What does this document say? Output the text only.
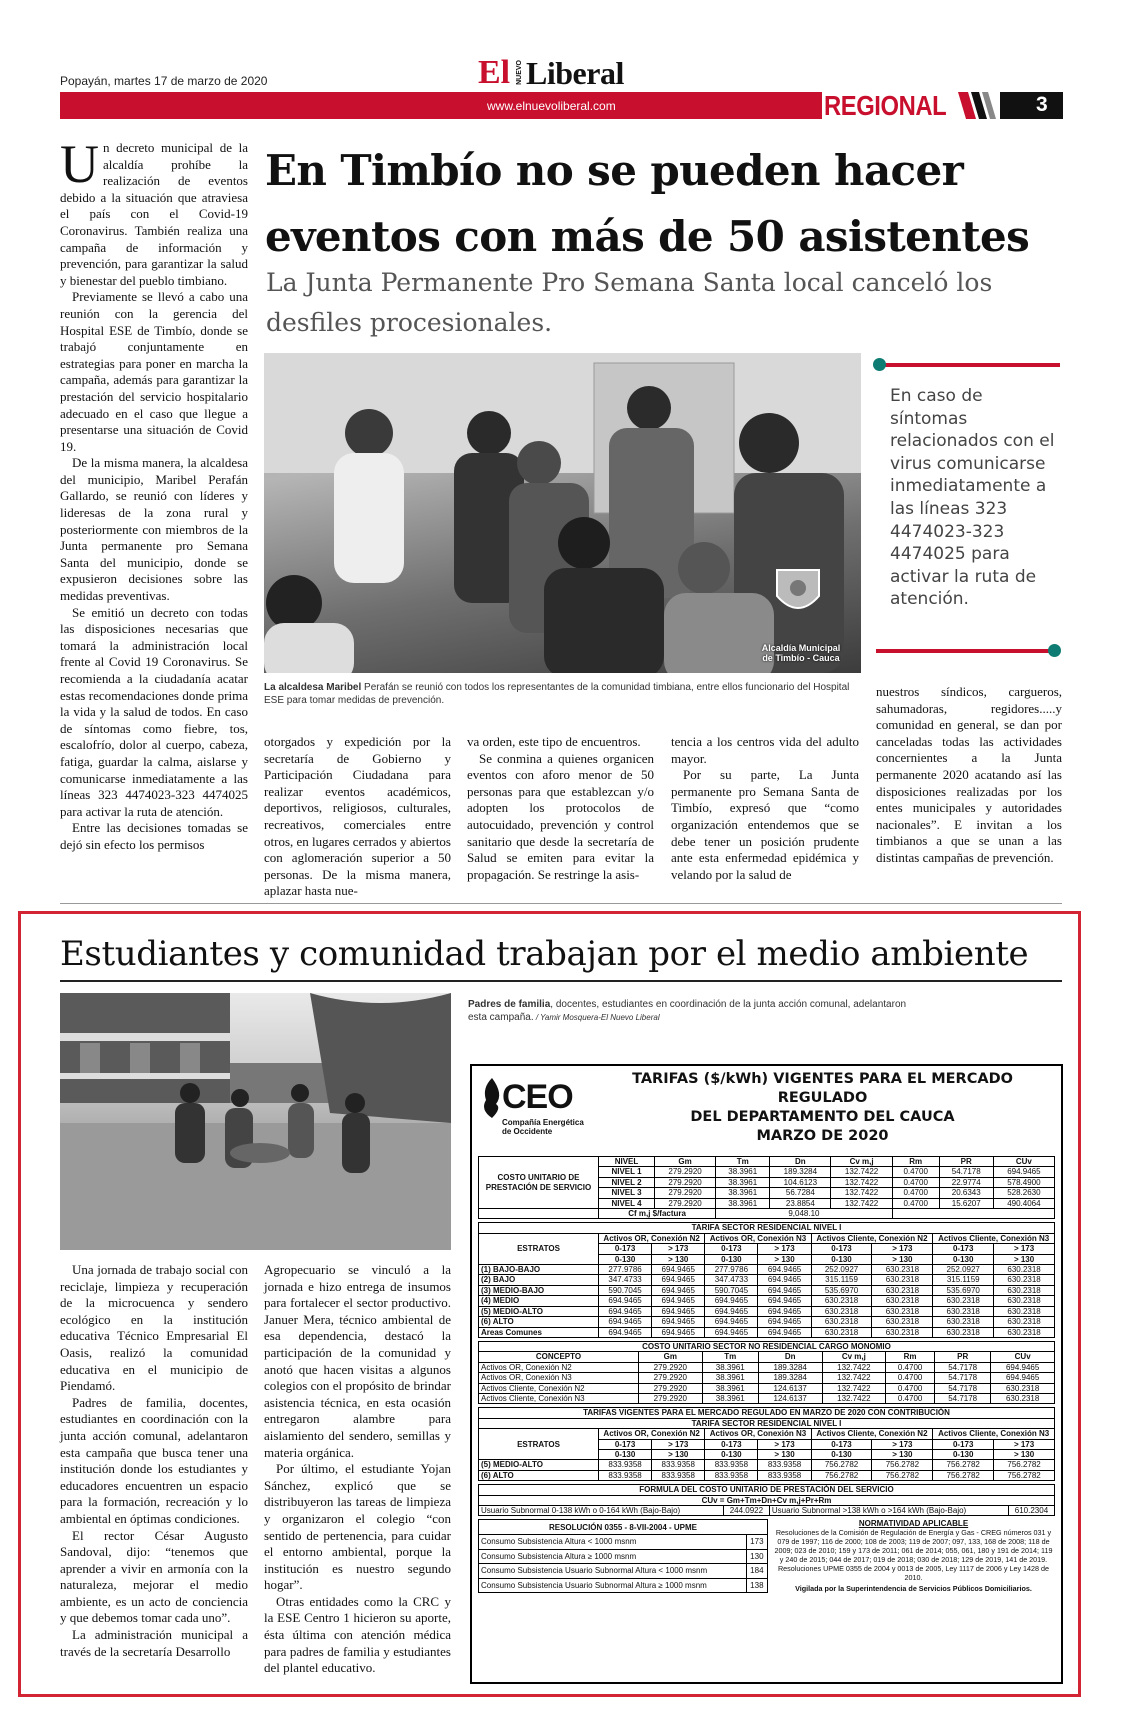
Popayán, martes 17 de marzo de 2020	El NUEVO Liberal
www.elnuevoliberal.com	REGIONAL	3
U n decreto municipal de la alcaldía prohíbe la realización de eventos debido a la situación que atraviesa el país con el Covid-19 Coronavirus. También realiza una campaña de información y prevención, para garantizar la salud y bienestar del pueblo timbiano.

Previamente se llevó a cabo una reunión con la gerencia del Hospital ESE de Timbío, donde se trabajó conjuntamente en estrategias para poner en marcha la campaña, además para garantizar la prestación del servicio hospitalario adecuado en el caso que llegue a presentarse una situación de Covid 19.

De la misma manera, la alcaldesa del municipio, Maribel Perafán Gallardo, se reunió con líderes y lideresas de la zona rural y posteriormente con miembros de la Junta permanente pro Semana Santa del municipio, donde se expusieron decisiones sobre las medidas preventivas.

Se emitió un decreto con todas las disposiciones necesarias que tomará la administración local frente al Covid 19 Coronavirus. Se recomienda a la ciudadanía acatar estas recomendaciones donde prima la vida y la salud de todos. En caso de síntomas como fiebre, tos, escalofrío, dolor al cuerpo, cabeza, fatiga, guardar la calma, aislarse y comunicarse inmediatamente a las líneas 323 4474023-323 4474025 para activar la ruta de atención.

Entre las decisiones tomadas se dejó sin efecto los permisos

En Timbío no se pueden hacer
eventos con más de 50 asistentes
La Junta Permanente Pro Semana Santa local canceló los desfiles procesionales.
Alcaldía Municipal de Timbío - Cauca
La alcaldesa Maribel Perafán se reunió con todos los representantes de la comunidad timbiana, entre ellos funcionario del Hospital ESE para tomar medidas de prevención.
En caso de síntomas relacionados con el virus comunicarse inmediatamente a las líneas 323 4474023-323 4474025 para activar la ruta de atención.

otorgados y expedición por la secretaría de Gobierno y Participación Ciudadana para realizar eventos académicos, deportivos, religiosos, culturales, recreativos, comerciales entre otros, en lugares cerrados y abiertos con aglomeración superior a 50 personas. De la misma manera, aplazar hasta nue-

va orden, este tipo de encuentros.

Se conmina a quienes organicen eventos con aforo menor de 50 personas para que establezcan y/o adopten los protocolos de autocuidado, prevención y control sanitario que desde la secretaría de Salud se emiten para evitar la propagación. Se restringe la asis-

tencia a los centros vida del adulto mayor.

Por su parte, La Junta permanente pro Semana Santa de Timbío, expresó que “como organización entendemos que se debe tener un posición prudente ante esta enfermedad epidémica y velando por la salud de

nuestros síndicos, cargueros, sahumadoras, regidores.....y comunidad en general, se dan por canceladas todas las actividades concernientes a la Junta permanente 2020 acatando así las disposiciones realizadas por los entes municipales y autoridades nacionales”. E invitan a los timbianos a que se unan a las distintas campañas de prevención.

Estudiantes y comunidad trabajan por el medio ambiente
Padres de familia, docentes, estudiantes en coordinación de la junta acción comunal, adelantaron esta campaña. / Yamir Mosquera-El Nuevo Liberal

Una jornada de trabajo social con reciclaje, limpieza y recuperación de la microcuenca y sendero ecológico en la institución educativa Técnico Empresarial El Oasis, realizó la comunidad educativa en el municipio de Piendamó.

Padres de familia, docentes, estudiantes en coordinación con la junta acción comunal, adelantaron esta campaña que busca tener una institución donde los estudiantes y educadores encuentren un espacio para la formación, recreación y lo ambiental en óptimas condiciones.

El rector César Augusto Sandoval, dijo: “tenemos que aprender a vivir en armonía con la naturaleza, mejorar el medio ambiente, es un acto de conciencia y que debemos tomar cada uno”.

La administración municipal a través de la secretaría Desarrollo

Agropecuario se vinculó a la jornada e hizo entrega de insumos para fortalecer el sector productivo. Januer Mera, técnico ambiental de esa dependencia, destacó la participación de la comunidad y anotó que hacen visitas a algunos colegios con el propósito de brindar asistencia técnica, en esta ocasión entregaron alambre para aislamiento del sendero, semillas y materia orgánica.

Por último, el estudiante Yojan Sánchez, explicó que se distribuyeron las tareas de limpieza y organizaron el colegio “con sentido de pertenencia, para cuidar el entorno ambiental, porque la institución es nuestro segundo hogar”.

Otras entidades como la CRC y la ESE Centro 1 hicieron su aporte, ésta última con atención médica para padres de familia y estudiantes del plantel educativo.

CEO
Compañía Energética de Occidente
TARIFAS ($/kWh) VIGENTES PARA EL MERCADO REGULADO
DEL DEPARTAMENTO DEL CAUCA
MARZO DE 2020
COSTO UNITARIO DE PRESTACIÓN DE SERVICIO	NIVEL	Gm	Tm	Dn	Cv m,j	Rm	PR	CUv
	NIVEL 1	279.2920	38.3961	189.3284	132.7422	0.4700	54.7178	694.9465
	NIVEL 2	279.2920	38.3961	104.6123	132.7422	0.4700	22.9774	578.4900
	NIVEL 3	279.2920	38.3961	56.7284	132.7422	0.4700	20.6343	528.2630
	NIVEL 4	279.2920	38.3961	23.8854	132.7422	0.4700	15.6207	490.4064
	Cf m,j $/factura		9,048.10					
TARIFA SECTOR RESIDENCIAL NIVEL I								
ESTRATOS	Activos OR, Conexión N2		Activos OR, Conexión N3		Activos Cliente, Conexión N2		Activos Cliente, Conexión N3	
	0-173	> 173	0-173	> 173	0-173	> 173	0-173	> 173
	0-130	> 130	0-130	> 130	0-130	> 130	0-130	> 130
(1) BAJO-BAJO	277.9786	694.9465	277.9786	694.9465	252.0927	630.2318	252.0927	630.2318
(2) BAJO	347.4733	694.9465	347.4733	694.9465	315.1159	630.2318	315.1159	630.2318
(3) MEDIO-BAJO	590.7045	694.9465	590.7045	694.9465	535.6970	630.2318	535.6970	630.2318
(4) MEDIO	694.9465	694.9465	694.9465	694.9465	630.2318	630.2318	630.2318	630.2318
(5) MEDIO-ALTO	694.9465	694.9465	694.9465	694.9465	630.2318	630.2318	630.2318	630.2318
(6) ALTO	694.9465	694.9465	694.9465	694.9465	630.2318	630.2318	630.2318	630.2318
Areas Comunes	694.9465	694.9465	694.9465	694.9465	630.2318	630.2318	630.2318	630.2318
COSTO UNITARIO SECTOR NO RESIDENCIAL CARGO MONOMIO							
CONCEPTO	Gm	Tm	Dn	Cv m,j	Rm	PR	CUv
Activos OR, Conexión N2	279.2920	38.3961	189.3284	132.7422	0.4700	54.7178	694.9465
Activos OR, Conexión N3	279.2920	38.3961	189.3284	132.7422	0.4700	54.7178	694.9465
Activos Cliente, Conexión N2	279.2920	38.3961	124.6137	132.7422	0.4700	54.7178	630.2318
Activos Cliente, Conexión N3	279.2920	38.3961	124.6137	132.7422	0.4700	54.7178	630.2318
TARIFAS VIGENTES PARA EL MERCADO REGULADO EN MARZO DE 2020 CON CONTRIBUCIÓN								
TARIFA SECTOR RESIDENCIAL NIVEL I								
ESTRATOS	Activos OR, Conexión N2		Activos OR, Conexión N3		Activos Cliente, Conexión N2		Activos Cliente, Conexión N3	
	0-173	> 173	0-173	> 173	0-173	> 173	0-173	> 173
	0-130	> 130	0-130	> 130	0-130	> 130	0-130	> 130
(5) MEDIO-ALTO	833.9358	833.9358	833.9358	833.9358	756.2782	756.2782	756.2782	756.2782
(6) ALTO	833.9358	833.9358	833.9358	833.9358	756.2782	756.2782	756.2782	756.2782
FORMULA DEL COSTO UNITARIO DE PRESTACIÓN DEL SERVICIO
CUv = Gm+Tm+Dn+Cv m,j+Pr+Rm
Usuario Subnormal 0-138 kWh o 0-164 kWh (Bajo-Bajo)	244.0922	Usuario Subnormal >138 kWh o >164 kWh (Bajo-Bajo)	610.2304
RESOLUCIÓN 0355 - 8-VII-2004 - UPME	
Consumo Subsistencia Altura < 1000 msnm	173
Consumo Subsistencia Altura ≥ 1000 msnm	130
Consumo Subsistencia Usuario Subnormal Altura < 1000 msnm	184
Consumo Subsistencia Usuario Subnormal Altura ≥ 1000 msnm	138
NORMATIVIDAD APLICABLE
Resoluciones de la Comisión de Regulación de Energía y Gas - CREG números 031 y 079 de 1997; 116 de 2000; 108 de 2003; 119 de 2007; 097, 133, 168 de 2008; 118 de 2009; 023 de 2010; 159 y 173 de 2011; 061 de 2014; 055, 061, 180 y 191 de 2014; 119 y 240 de 2015; 044 de 2017; 019 de 2018; 030 de 2018; 129 de 2019, 141 de 2019. Resoluciones UPME 0355 de 2004 y 0013 de 2005, Ley 1117 de 2006 y Ley 1428 de 2010.
Vigilada por la Superintendencia de Servicios Públicos Domiciliarios.
